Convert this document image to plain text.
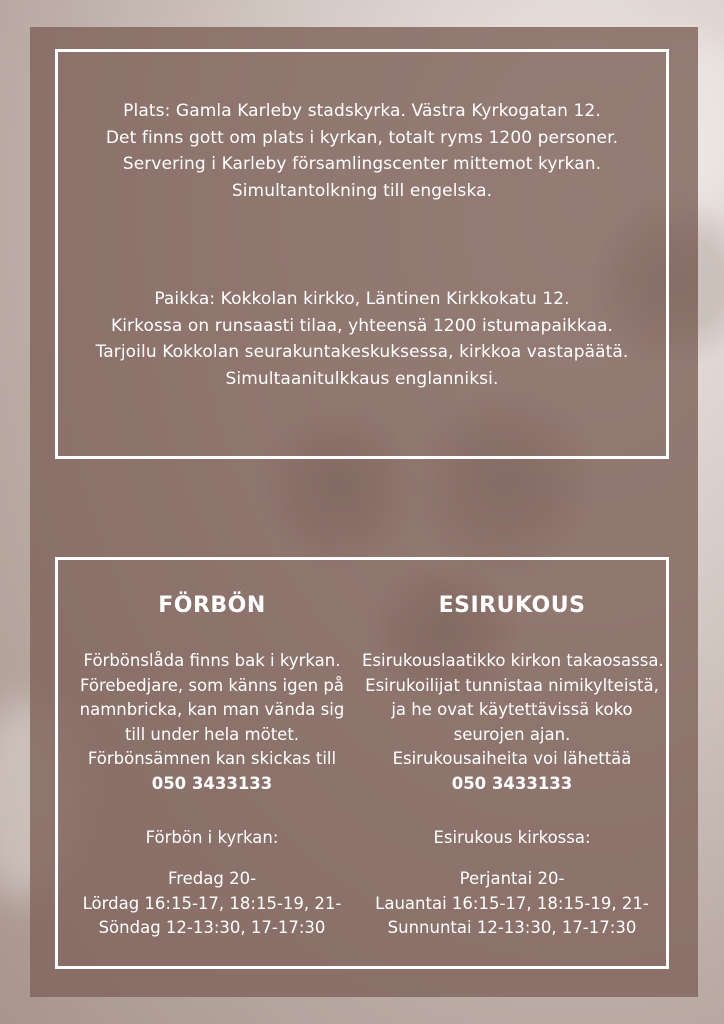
Plats: Gamla Karleby stadskyrka. Västra Kyrkogatan 12.
Det finns gott om plats i kyrkan, totalt ryms 1200 personer.
Servering i Karleby församlingscenter mittemot kyrkan.
Simultantolkning till engelska.
Paikka: Kokkolan kirkko, Läntinen Kirkkokatu 12.
Kirkossa on runsaasti tilaa, yhteensä 1200 istumapaikkaa.
Tarjoilu Kokkolan seurakuntakeskuksessa, kirkkoa vastapäätä.
Simultaanitulkkaus englanniksi.
FÖRBÖN
Förbönslåda finns bak i kyrkan.
Förebedjare, som känns igen på
namnbricka, kan man vända sig
till under hela mötet.
Förbönsämnen kan skickas till
050 3433133
Förbön i kyrkan:
Fredag 20-
Lördag 16:15-17, 18:15-19, 21-
Söndag 12-13:30, 17-17:30
ESIRUKOUS
Esirukouslaatikko kirkon takaosassa.
Esirukoilijat tunnistaa nimikylteistä,
ja he ovat käytettävissä koko
seurojen ajan.
Esirukousaiheita voi lähettää
050 3433133
Esirukous kirkossa:
Perjantai 20-
Lauantai 16:15-17, 18:15-19, 21-
Sunnuntai 12-13:30, 17-17:30
